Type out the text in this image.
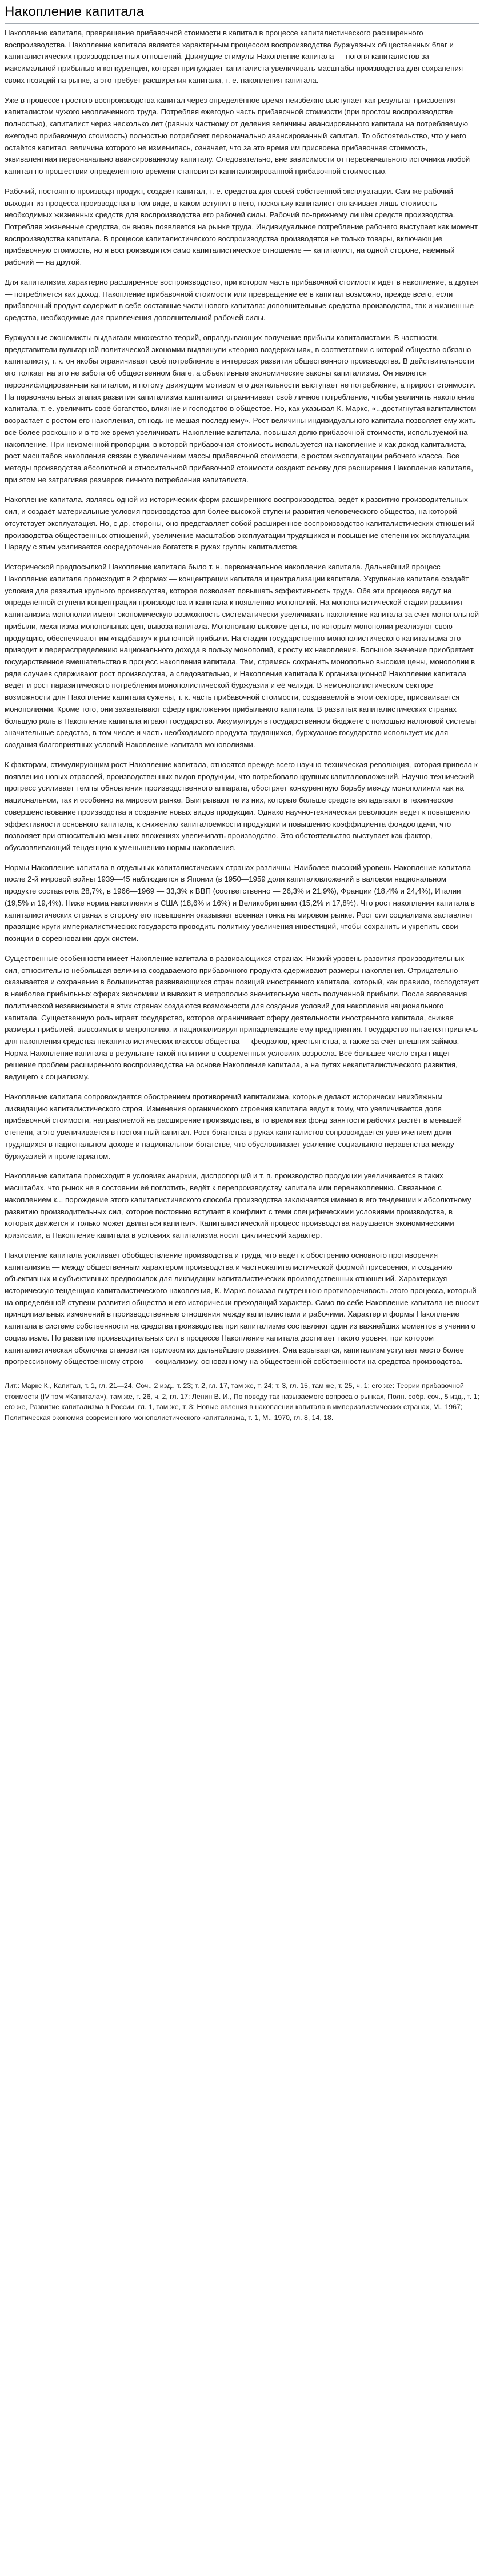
Накопление капитала

Накопление капитала, превращение прибавочной стоимости в капитал в процессе капиталистического расширенного воспроизводства. Накопление капитала является характерным процессом воспроизводства буржуазных общественных благ и капиталистических производственных отношений. Движущие стимулы Накопление капитала — погоня капиталистов за максимальной прибылью и конкуренция, которая принуждает капиталиста увеличивать масштабы производства для сохранения своих позиций на рынке, а это требует расширения капитала, т. е. накопления капитала.

Уже в процессе простого воспроизводства капитал через определённое время неизбежно выступает как результат присвоения капиталистом чужого неоплаченного труда. Потребляя ежегодно часть прибавочной стоимости (при простом воспроизводстве полностью), капиталист через несколько лет (равных частному от деления величины авансированного капитала на потребляемую ежегодно прибавочную стоимость) полностью потребляет первоначально авансированный капитал. То обстоятельство, что у него остаётся капитал, величина которого не изменилась, означает, что за это время им присвоена прибавочная стоимость, эквивалентная первоначально авансированному капиталу. Следовательно, вне зависимости от первоначального источника любой капитал по прошествии определённого времени становится капитализированной прибавочной стоимостью.

Рабочий, постоянно производя продукт, создаёт капитал, т. е. средства для своей собственной эксплуатации. Сам же рабочий выходит из процесса производства в том виде, в каком вступил в него, поскольку капиталист оплачивает лишь стоимость необходимых жизненных средств для воспроизводства его рабочей силы. Рабочий по-прежнему лишён средств производства. Потребляя жизненные средства, он вновь появляется на рынке труда. Индивидуальное потребление рабочего выступает как момент воспроизводства капитала. В процессе капиталистического воспроизводства производятся не только товары, включающие прибавочную стоимость, но и воспроизводится само капиталистическое отношение — капиталист, на одной стороне, наёмный рабочий — на другой.

Для капитализма характерно расширенное воспроизводство, при котором часть прибавочной стоимости идёт в накопление, а другая — потребляется как доход. Накопление прибавочной стоимости или превращение её в капитал возможно, прежде всего, если прибавочный продукт содержит в себе составные части нового капитала: дополнительные средства производства, так и жизненные средства, необходимые для привлечения дополнительной рабочей силы.

Буржуазные экономисты выдвигали множество теорий, оправдывающих получение прибыли капиталистами. В частности, представители вульгарной политической экономии выдвинули «теорию воздержания», в соответствии с которой общество обязано капиталисту, т. к. он якобы ограничивает своё потребление в интересах развития общественного производства. В действительности его толкает на это не забота об общественном благе, а объективные экономические законы капитализма. Он является персонифицированным капиталом, и потому движущим мотивом его деятельности выступает не потребление, а прирост стоимости. На первоначальных этапах развития капитализма капиталист ограничивает своё личное потребление, чтобы увеличить накопление капитала, т. е. увеличить своё богатство, влияние и господство в обществе. Но, как указывал К. Маркс, «...достигнутая капиталистом возрастает с ростом его накопления, отнюдь не мешая последнему». Рост величины индивидуального капитала позволяет ему жить всё более роскошно и в то же время увеличивать Накопление капитала, повышая долю прибавочной стоимости, используемой на накопление. При неизменной пропорции, в которой прибавочная стоимость используется на накопление и как доход капиталиста, рост масштабов накопления связан с увеличением массы прибавочной стоимости, с ростом эксплуатации рабочего класса. Все методы производства абсолютной и относительной прибавочной стоимости создают основу для расширения Накопление капитала, при этом не затрагивая размеров личного потребления капиталиста.

Накопление капитала, являясь одной из исторических форм расширенного воспроизводства, ведёт к развитию производительных сил, и создаёт материальные условия производства для более высокой ступени развития человеческого общества, на которой отсутствует эксплуатация. Но, с др. стороны, оно представляет собой расширенное воспроизводство капиталистических отношений производства общественных отношений, увеличение масштабов эксплуатации трудящихся и повышение степени их эксплуатации. Наряду с этим усиливается сосредоточение богатств в руках группы капиталистов.

Исторической предпосылкой Накопление капитала было т. н. первоначальное накопление капитала. Дальнейший процесс Накопление капитала происходит в 2 формах — концентрации капитала и централизации капитала. Укрупнение капитала создаёт условия для развития крупного производства, которое позволяет повышать эффективность труда. Оба эти процесса ведут на определённой ступени концентрации производства и капитала к появлению монополий. На монополистической стадии развития капитализма монополии имеют экономическую возможность систематически увеличивать накопление капитала за счёт монопольной прибыли, механизма монопольных цен, вывоза капитала. Монопольно высокие цены, по которым монополии реализуют свою продукцию, обеспечивают им «надбавку» к рыночной прибыли. На стадии государственно-монополистического капитализма это приводит к перераспределению национального дохода в пользу монополий, к росту их накопления. Большое значение приобретает государственное вмешательство в процесс накопления капитала. Тем, стремясь сохранить монопольно высокие цены, монополии в ряде случаев сдерживают рост производства, а следовательно, и Накопление капитала К организационной Накопление капитала ведёт и рост паразитического потребления монополистической буржуазии и её челяди. В немонополистическом секторе возможности для Накопление капитала сужены, т. к. часть прибавочной стоимости, создаваемой в этом секторе, присваивается монополиями. Кроме того, они захватывают сферу приложения прибыльного капитала. В развитых капиталистических странах большую роль в Накопление капитала играют государство. Аккумулируя в государственном бюджете с помощью налоговой системы значительные средства, в том числе и часть необходимого продукта трудящихся, буржуазное государство использует их для создания благоприятных условий Накопление капитала монополиями.

К факторам, стимулирующим рост Накопление капитала, относятся прежде всего научно-техническая революция, которая привела к появлению новых отраслей, производственных видов продукции, что потребовало крупных капиталовложений. Научно-технический прогресс усиливает темпы обновления производственного аппарата, обостряет конкурентную борьбу между монополиями как на национальном, так и особенно на мировом рынке. Выигрывают те из них, которые больше средств вкладывают в техническое совершенствование производства и создание новых видов продукции. Однако научно-техническая революция ведёт к повышению эффективности основного капитала, к снижению капиталоёмкости продукции и повышению коэффициента фондоотдачи, что позволяет при относительно меньших вложениях увеличивать производство. Это обстоятельство выступает как фактор, обусловливающий тенденцию к уменьшению нормы накопления.

Нормы Накопление капитала в отдельных капиталистических странах различны. Наиболее высокий уровень Накопление капитала после 2-й мировой войны 1939—45 наблюдается в Японии (в 1950—1959 доля капиталовложений в валовом национальном продукте составляла 28,7%, в 1966—1969 — 33,3% к ВВП (соответственно — 26,3% и 21,9%), Франции (18,4% и 24,4%), Италии (19,5% и 19,4%). Ниже норма накопления в США (18,6% и 16%) и Великобритании (15,2% и 17,8%). Что рост накопления капитала в капиталистических странах в сторону его повышения оказывает военная гонка на мировом рынке. Рост сил социализма заставляет правящие круги империалистических государств проводить политику увеличения инвестиций, чтобы сохранить и укрепить свои позиции в соревновании двух систем.

Существенные особенности имеет Накопление капитала в развивающихся странах. Низкий уровень развития производительных сил, относительно небольшая величина создаваемого прибавочного продукта сдерживают размеры накопления. Отрицательно сказывается и сохранение в большинстве развивающихся стран позиций иностранного капитала, который, как правило, господствует в наиболее прибыльных сферах экономики и вывозит в метрополию значительную часть полученной прибыли. После завоевания политической независимости в этих странах создаются возможности для создания условий для накопления национального капитала. Существенную роль играет государство, которое ограничивает сферу деятельности иностранного капитала, снижая размеры прибылей, вывозимых в метрополию, и национализируя принадлежащие ему предприятия. Государство пытается привлечь для накопления средства некапиталистических классов общества — феодалов, крестьянства, а также за счёт внешних займов. Норма Накопление капитала в результате такой политики в современных условиях возросла. Всё большее число стран ищет решение проблем расширенного воспроизводства на основе Накопление капитала, а на путях некапиталистического развития, ведущего к социализму.

Накопление капитала сопровождается обострением противоречий капитализма, которые делают исторически неизбежным ликвидацию капиталистического строя. Изменения органического строения капитала ведут к тому, что увеличивается доля прибавочной стоимости, направляемой на расширение производства, в то время как фонд занятости рабочих растёт в меньшей степени, а это увеличивается в постоянный капитал. Рост богатства в руках капиталистов сопровождается увеличением доли трудящихся в национальном доходе и национальном богатстве, что обусловливает усиление социального неравенства между буржуазией и пролетариатом.

Накопление капитала происходит в условиях анархии, диспропорций и т. п. производство продукции увеличивается в таких масштабах, что рынок не в состоянии её поглотить, ведёт к перепроизводству капитала или перенакоплению. Связанное с накоплением к... порождение этого капиталистического способа производства заключается именно в его тенденции к абсолютному развитию производительных сил, которое постоянно вступает в конфликт с теми специфическими условиями производства, в которых движется и только может двигаться капитал». Капиталистический процесс производства нарушается экономическими кризисами, а Накопление капитала в условиях капитализма носит циклический характер.

Накопление капитала усиливает обобществление производства и труда, что ведёт к обострению основного противоречия капитализма — между общественным характером производства и частнокапиталистической формой присвоения, и созданию объективных и субъективных предпосылок для ликвидации капиталистических производственных отношений. Характеризуя историческую тенденцию капиталистического накопления, К. Маркс показал внутреннюю противоречивость этого процесса, который на определённой ступени развития общества и его исторически преходящий характер. Само по себе Накопление капитала не вносит принципиальных изменений в производственные отношения между капиталистами и рабочими. Характер и формы Накопление капитала в системе собственности на средства производства при капитализме составляют один из важнейших моментов в учении о социализме. Но развитие производительных сил в процессе Накопление капитала достигает такого уровня, при котором капиталистическая оболочка становится тормозом их дальнейшего развития. Она взрывается, капитализм уступает место более прогрессивному общественному строю — социализму, основанному на общественной собственности на средства производства.

Лит.: Маркс К., Капитал, т. 1, гл. 21—24, Соч., 2 изд., т. 23; т. 2, гл. 17, там же, т. 24; т. 3, гл. 15, там же, т. 25, ч. 1; его же: Теории прибавочной стоимости (IV том «Капитала»), там же, т. 26, ч. 2, гл. 17; Ленин В. И., По поводу так называемого вопроса о рынках, Полн. собр. соч., 5 изд., т. 1; его же, Развитие капитализма в России, гл. 1, там же, т. 3; Новые явления в накоплении капитала в империалистических странах, М., 1967; Политическая экономия современного монополистического капитализма, т. 1, М., 1970, гл. 8, 14, 18.
